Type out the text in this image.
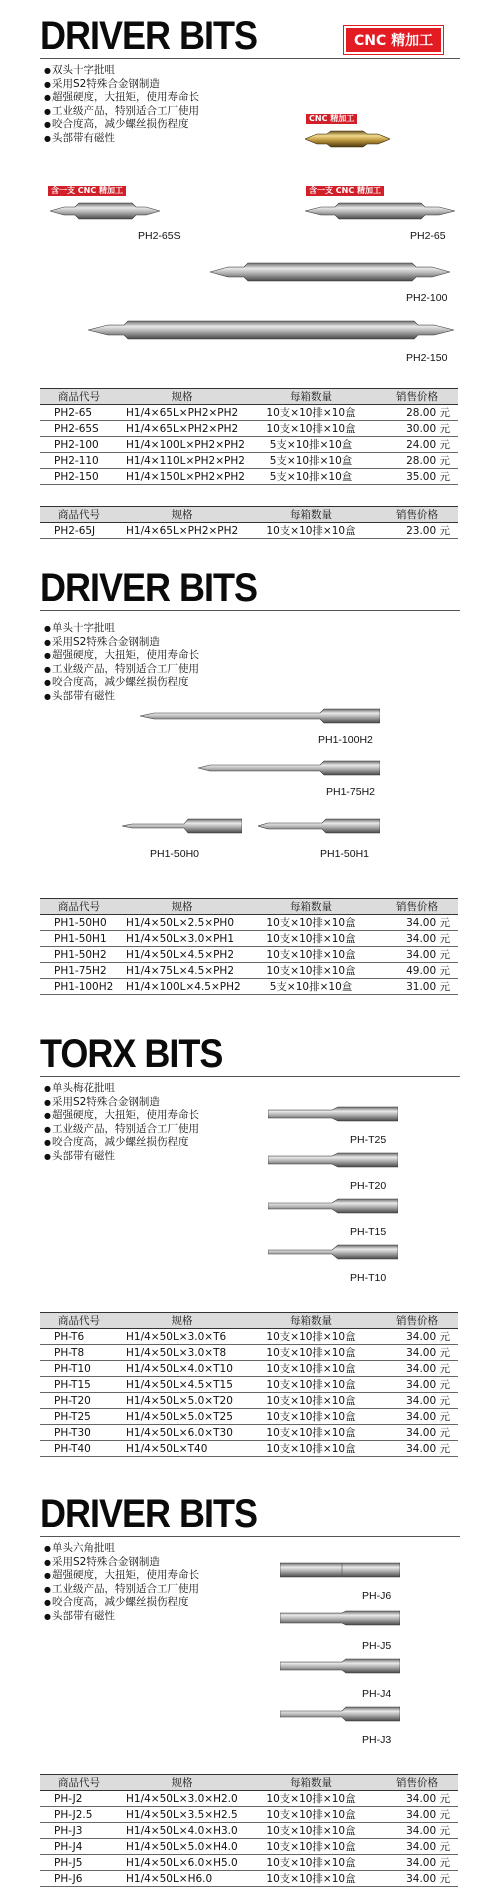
DRIVER BITS	CNC 精加工
● 双头十字批咀
● 采用S2特殊合金钢制造
● 超强硬度，大扭矩，使用寿命长
● 工业级产品，特别适合工厂使用
● 咬合度高，减少螺丝损伤程度
● 头部带有磁性
CNC 精加工
含一支 CNC 精加工
PH2-65S
含一支 CNC 精加工
PH2-65
PH2-100
PH2-150
商品代号	规格	每箱数量	销售价格
PH2-65	H1/4×65L×PH2×PH2	10支×10排×10盒	28.00 元
PH2-65S	H1/4×65L×PH2×PH2	10支×10排×10盒	30.00 元
PH2-100	H1/4×100L×PH2×PH2	5支×10排×10盒	24.00 元
PH2-110	H1/4×110L×PH2×PH2	5支×10排×10盒	28.00 元
PH2-150	H1/4×150L×PH2×PH2	5支×10排×10盒	35.00 元
商品代号	规格	每箱数量	销售价格
PH2-65J	H1/4×65L×PH2×PH2	10支×10排×10盒	23.00 元
DRIVER BITS
● 单头十字批咀
● 采用S2特殊合金钢制造
● 超强硬度，大扭矩，使用寿命长
● 工业级产品，特别适合工厂使用
● 咬合度高，减少螺丝损伤程度
● 头部带有磁性
PH1-100H2
PH1-75H2
PH1-50H0	PH1-50H1
商品代号	规格	每箱数量	销售价格
PH1-50H0	H1/4×50L×2.5×PH0	10支×10排×10盒	34.00 元
PH1-50H1	H1/4×50L×3.0×PH1	10支×10排×10盒	34.00 元
PH1-50H2	H1/4×50L×4.5×PH2	10支×10排×10盒	34.00 元
PH1-75H2	H1/4×75L×4.5×PH2	10支×10排×10盒	49.00 元
PH1-100H2	H1/4×100L×4.5×PH2	5支×10排×10盒	31.00 元
TORX BITS
● 单头梅花批咀
● 采用S2特殊合金钢制造
● 超强硬度，大扭矩，使用寿命长
● 工业级产品，特别适合工厂使用
● 咬合度高，减少螺丝损伤程度
● 头部带有磁性
PH-T25
PH-T20
PH-T15
PH-T10
商品代号	规格	每箱数量	销售价格
PH-T6	H1/4×50L×3.0×T6	10支×10排×10盒	34.00 元
PH-T8	H1/4×50L×3.0×T8	10支×10排×10盒	34.00 元
PH-T10	H1/4×50L×4.0×T10	10支×10排×10盒	34.00 元
PH-T15	H1/4×50L×4.5×T15	10支×10排×10盒	34.00 元
PH-T20	H1/4×50L×5.0×T20	10支×10排×10盒	34.00 元
PH-T25	H1/4×50L×5.0×T25	10支×10排×10盒	34.00 元
PH-T30	H1/4×50L×6.0×T30	10支×10排×10盒	34.00 元
PH-T40	H1/4×50L×T40	10支×10排×10盒	34.00 元
DRIVER BITS
● 单头六角批咀
● 采用S2特殊合金钢制造
● 超强硬度，大扭矩，使用寿命长
● 工业级产品，特别适合工厂使用
● 咬合度高，减少螺丝损伤程度
● 头部带有磁性
PH-J6
PH-J5
PH-J4
PH-J3
商品代号	规格	每箱数量	销售价格
PH-J2	H1/4×50L×3.0×H2.0	10支×10排×10盒	34.00 元
PH-J2.5	H1/4×50L×3.5×H2.5	10支×10排×10盒	34.00 元
PH-J3	H1/4×50L×4.0×H3.0	10支×10排×10盒	34.00 元
PH-J4	H1/4×50L×5.0×H4.0	10支×10排×10盒	34.00 元
PH-J5	H1/4×50L×6.0×H5.0	10支×10排×10盒	34.00 元
PH-J6	H1/4×50L×H6.0	10支×10排×10盒	34.00 元
